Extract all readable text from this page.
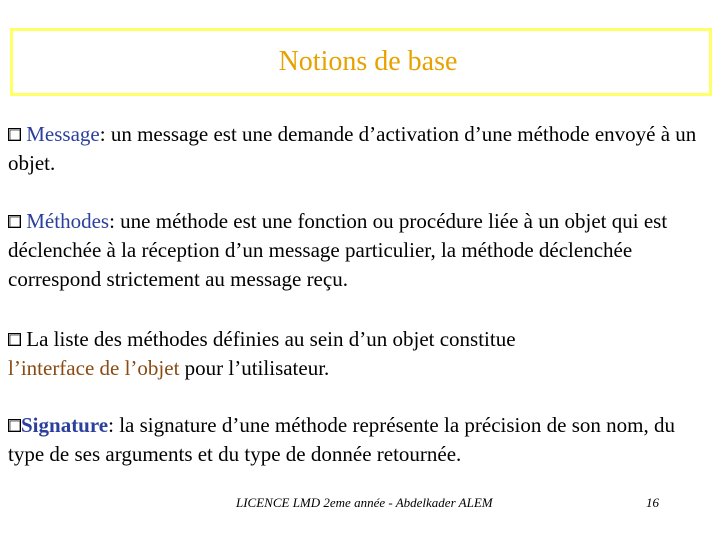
Notions de base
Message: un message est une demande d’activation d’une méthode envoyé à un objet.
Méthodes: une méthode est une fonction ou procédure liée à un objet qui est déclenchée à la réception d’un message particulier, la méthode déclenchée correspond strictement au message reçu.
La liste des méthodes définies au sein d’un objet constitue
l’interface de l’objet pour l’utilisateur.
Signature: la signature d’une méthode représente la précision de son nom, du type de ses arguments et du type de donnée retournée.
LICENCE LMD 2eme année - Abdelkader ALEM	16
